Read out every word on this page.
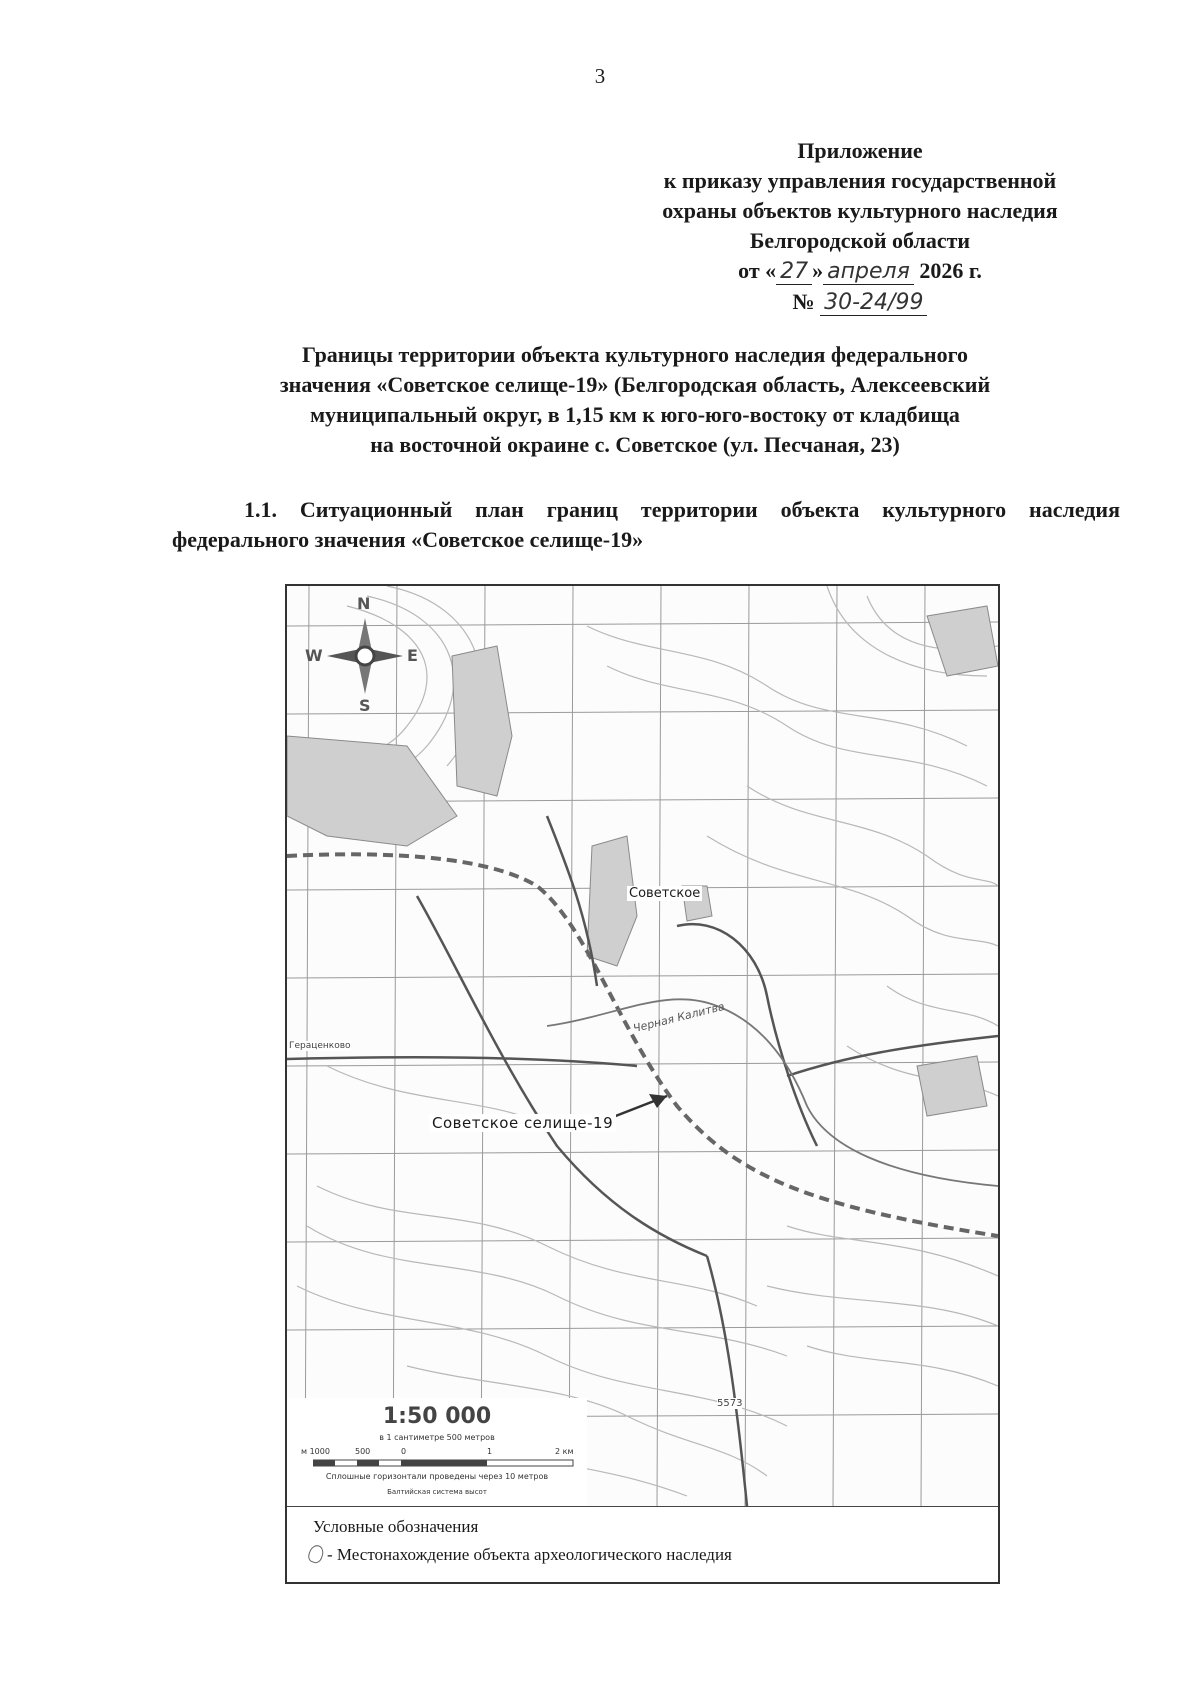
3
Приложение
к приказу управления государственной
охраны объектов культурного наследия
Белгородской области
от « 27 » апреля 2026 г.
№ 30-24/99
Границы территории объекта культурного наследия федерального
значения «Советское селище-19» (Белгородская область, Алексеевский
муниципальный округ, в 1,15 км к юго-юго-востоку от кладбища
на восточной окраине с. Советское (ул. Песчаная, 23)
1.1. Ситуационный план границ территории объекта культурного наследия федерального значения «Советское селище-19»
N
S
E
W
Советское
Советское селище-19
Черная Калитва
Гераценково
5573
1:50 000
в 1 сантиметре 500 метров
м 1000	500	0	1	2 км
Сплошные горизонтали проведены через 10 метров
Балтийская система высот
Условные обозначения
- Местонахождение объекта археологического наследия
